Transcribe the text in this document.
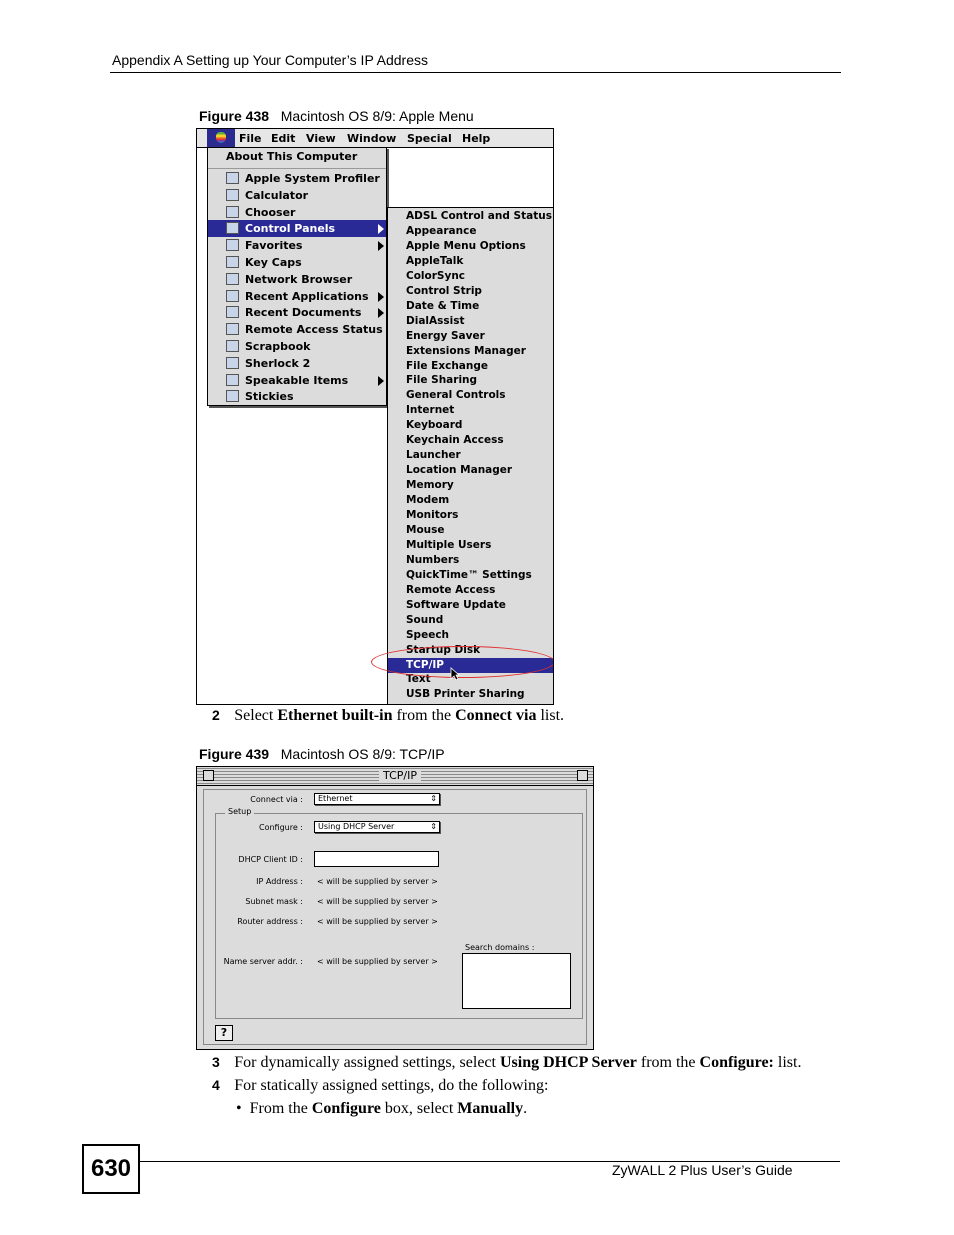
Appendix A Setting up Your Computer’s IP Address
Figure 438 Macintosh OS 8/9: Apple Menu
File Edit View Window Special Help
About This Computer
Apple System Profiler
Calculator
Chooser
Control Panels
Favorites
Key Caps
Network Browser
Recent Applications
Recent Documents
Remote Access Status
Scrapbook
Sherlock 2
Speakable Items
Stickies
ADSL Control and Status
Appearance
Apple Menu Options
AppleTalk
ColorSync
Control Strip
Date & Time
DialAssist
Energy Saver
Extensions Manager
File Exchange
File Sharing
General Controls
Internet
Keyboard
Keychain Access
Launcher
Location Manager
Memory
Modem
Monitors
Mouse
Multiple Users
Numbers
QuickTime™ Settings
Remote Access
Software Update
Sound
Speech
Startup Disk
TCP/IP
Text
USB Printer Sharing
2 Select Ethernet built-in from the Connect via list.
Figure 439 Macintosh OS 8/9: TCP/IP
TCP/IP
Connect via :	Ethernet	⇕
Setup
Configure :	Using DHCP Server	⇕
DHCP Client ID :
IP Address : < will be supplied by server >
Subnet mask : < will be supplied by server >
Router address : < will be supplied by server >
Search domains :
Name server addr. : < will be supplied by server >
?
3 For dynamically assigned settings, select Using DHCP Server from the Configure: list.
4 For statically assigned settings, do the following:
• From the Configure box, select Manually.
630	ZyWALL 2 Plus User’s Guide
